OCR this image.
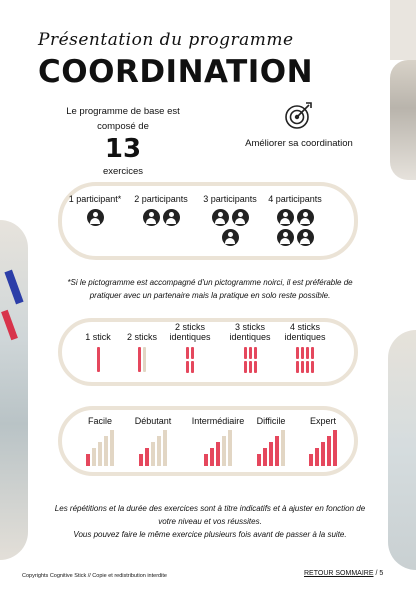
Présentation du programme
COORDINATION
Le programme de base est
composé de
13
exercices
Améliorer sa coordination
1 participant*	2 participants	3 participants	4 participants
*Si le pictogramme est accompagné d'un pictogramme noirci, il est préférable de
pratiquer avec un partenaire mais la pratique en solo reste possible.

1 stick
	2 sticks
2 sticks
identiques
3 sticks
identiques
4 sticks
identiques
Facile	Débutant	Intermédiaire	Difficile	Expert
Les répétitions et la durée des exercices sont à titre indicatifs et à ajuster en fonction de
votre niveau et vos réussites.
Vous pouvez faire le même exercice plusieurs fois avant de passer à la suite.
Copyrights Cognitive Stick // Copie et redistribution interdite	RETOUR SOMMAIRE / 5
